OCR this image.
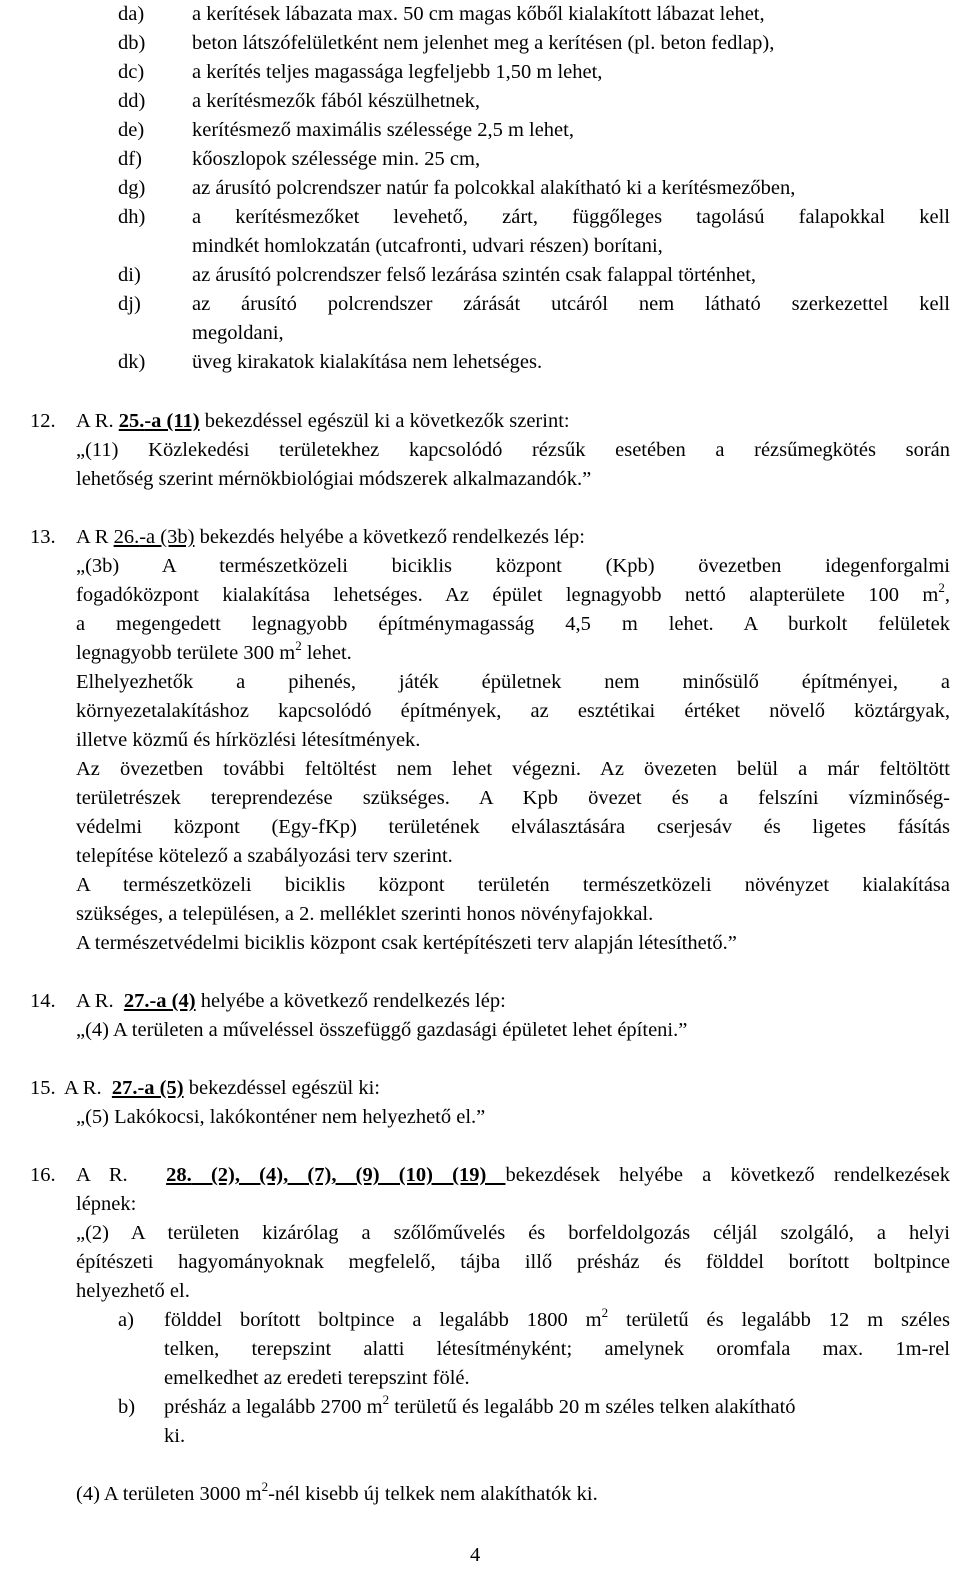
da) a kerítések lábazata max. 50 cm magas kőből kialakított lábazat lehet,
db) beton látszófelületként nem jelenhet meg a kerítésen (pl. beton fedlap),
dc) a kerítés teljes magassága legfeljebb 1,50 m lehet,
dd) a kerítésmezők fából készülhetnek,
de) kerítésmező maximális szélessége 2,5 m lehet,
df) kőoszlopok szélessége min. 25 cm,
dg) az árusító polcrendszer natúr fa polcokkal alakítható ki a kerítésmezőben,
dh) a kerítésmezőket levehető, zárt, függőleges tagolású falapokkal kell
mindkét homlokzatán (utcafronti, udvari részen) borítani,
di) az árusító polcrendszer felső lezárása szintén csak falappal történhet,
dj) az árusító polcrendszer zárását utcáról nem látható szerkezettel kell
megoldani,
dk) üveg kirakatok kialakítása nem lehetséges.
12. A R. 25.-a (11) bekezdéssel egészül ki a következők szerint:
„(11) Közlekedési területekhez kapcsolódó rézsűk esetében a rézsűmegkötés során
lehetőség szerint mérnökbiológiai módszerek alkalmazandók.”
13. A R 26.-a (3b) bekezdés helyébe a következő rendelkezés lép:
„(3b) A természetközeli biciklis központ (Kpb) övezetben idegenforgalmi
fogadóközpont kialakítása lehetséges. Az épület legnagyobb nettó alapterülete 100 $m^2$,
a megengedett legnagyobb építménymagasság 4,5 m lehet. A burkolt felületek
legnagyobb területe 300 $m^2$ lehet.
Elhelyezhetők a pihenés, játék épületnek nem minősülő építményei, a
környezetalakításhoz kapcsolódó építmények, az esztétikai értéket növelő köztárgyak,
illetve közmű és hírközlési létesítmények.
Az övezetben további feltöltést nem lehet végezni. Az övezeten belül a már feltöltött
területrészek tereprendezése szükséges. A Kpb övezet és a felszíni vízminőség-
védelmi központ (Egy-fKp) területének elválasztására cserjesáv és ligetes fásítás
telepítése kötelező a szabályozási terv szerint.
A természetközeli biciklis központ területén természetközeli növényzet kialakítása
szükséges, a településen, a 2. melléklet szerinti honos növényfajokkal.
A természetvédelmi biciklis központ csak kertépítészeti terv alapján létesíthető.”
14. A R.  27.-a (4) helyébe a következő rendelkezés lép:
„(4) A területen a műveléssel összefüggő gazdasági épületet lehet építeni.”
15. A R.  27.-a (5) bekezdéssel egészül ki:
„(5) Lakókocsi, lakókonténer nem helyezhető el.”
16. A R.  28. (2), (4), (7), (9) (10) (19) bekezdések helyébe a következő rendelkezések
lépnek:
„(2) A területen kizárólag a szőlőművelés és borfeldolgozás céljál szolgáló, a helyi
építészeti hagyományoknak megfelelő, tájba illő présház és földdel borított boltpince
helyezhető el.
a) földdel borított boltpince a legalább 1800 $m^2$ területű és legalább 12 m széles
telken, terepszint alatti létesítményként; amelynek oromfala max. 1m-rel
emelkedhet az eredeti terepszint fölé.
b) présház a legalább 2700 $m^2$ területű és legalább 20 m széles telken alakítható
ki.
(4) A területen 3000 $m^2$-nél kisebb új telkek nem alakíthatók ki.
4
